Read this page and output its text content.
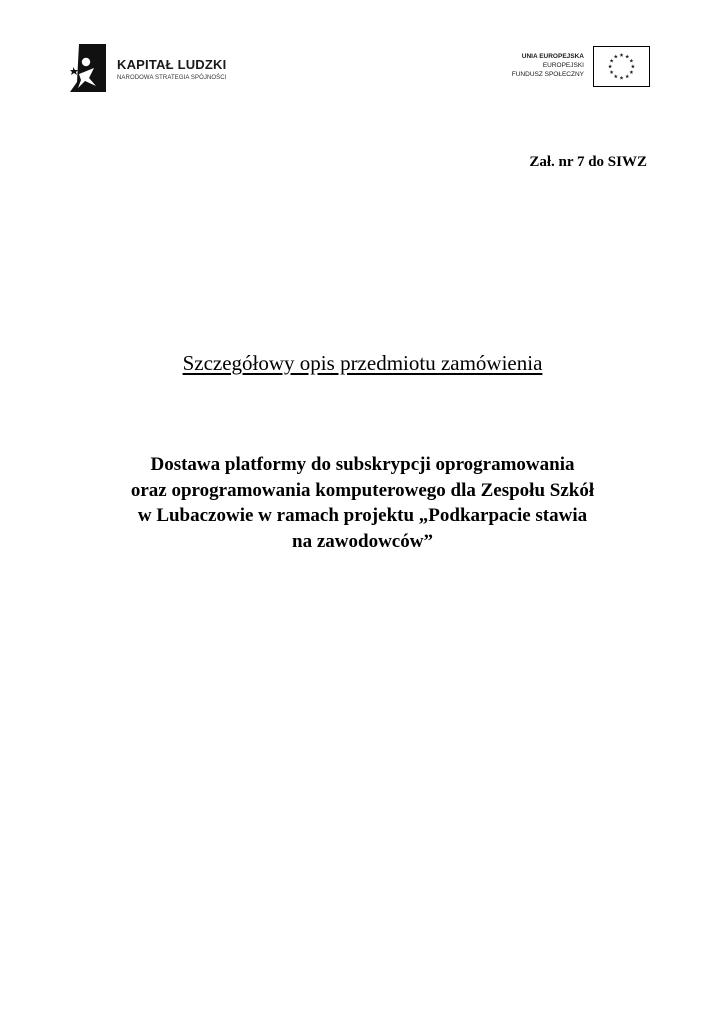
KAPITAŁ LUDZKI
NARODOWA STRATEGIA SPÓJNOŚCI
UNIA EUROPEJSKA
EUROPEJSKI
FUNDUSZ SPOŁECZNY
Zał. nr 7 do SIWZ
Szczegółowy opis przedmiotu zamówienia
Dostawa platformy do subskrypcji oprogramowania
oraz oprogramowania komputerowego dla Zespołu Szkół
w Lubaczowie w ramach projektu „Podkarpacie stawia
na zawodowców”
